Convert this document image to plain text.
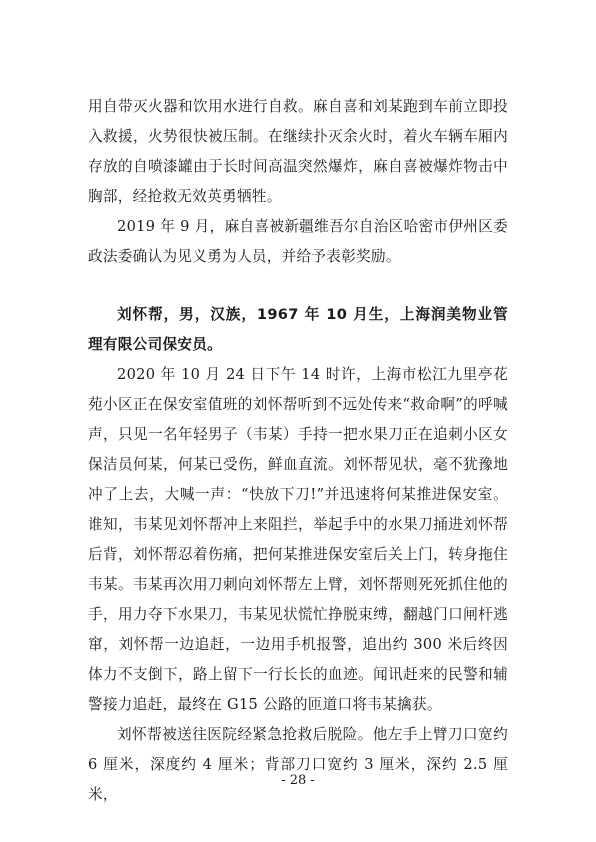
用自带灭火器和饮用水进行自救。麻自喜和刘某跑到车前立即投入救援，火势很快被压制。在继续扑灭余火时，着火车辆车厢内存放的自喷漆罐由于长时间高温突然爆炸，麻自喜被爆炸物击中胸部，经抢救无效英勇牺牲。

2019 年 9 月，麻自喜被新疆维吾尔自治区哈密市伊州区委政法委确认为见义勇为人员，并给予表彰奖励。

刘怀帮，男，汉族，1967 年 10 月生，上海润美物业管理有限公司保安员。

2020 年 10 月 24 日下午 14 时许，上海市松江九里亭花苑小区正在保安室值班的刘怀帮听到不远处传来“救命啊”的呼喊声，只见一名年轻男子（韦某）手持一把水果刀正在追刺小区女保洁员何某，何某已受伤，鲜血直流。刘怀帮见状，毫不犹豫地冲了上去，大喊一声：“快放下刀!”并迅速将何某推进保安室。谁知，韦某见刘怀帮冲上来阻拦，举起手中的水果刀捅进刘怀帮后背，刘怀帮忍着伤痛，把何某推进保安室后关上门，转身拖住韦某。韦某再次用刀刺向刘怀帮左上臂，刘怀帮则死死抓住他的手，用力夺下水果刀，韦某见状慌忙挣脱束缚，翻越门口闸杆逃窜，刘怀帮一边追赶，一边用手机报警，追出约 300 米后终因体力不支倒下，路上留下一行长长的血迹。闻讯赶来的民警和辅警接力追赶，最终在 G15 公路的匝道口将韦某擒获。

刘怀帮被送往医院经紧急抢救后脱险。他左手上臂刀口宽约 6 厘米，深度约 4 厘米；背部刀口宽约 3 厘米，深约 2.5 厘米，

- 28 -
